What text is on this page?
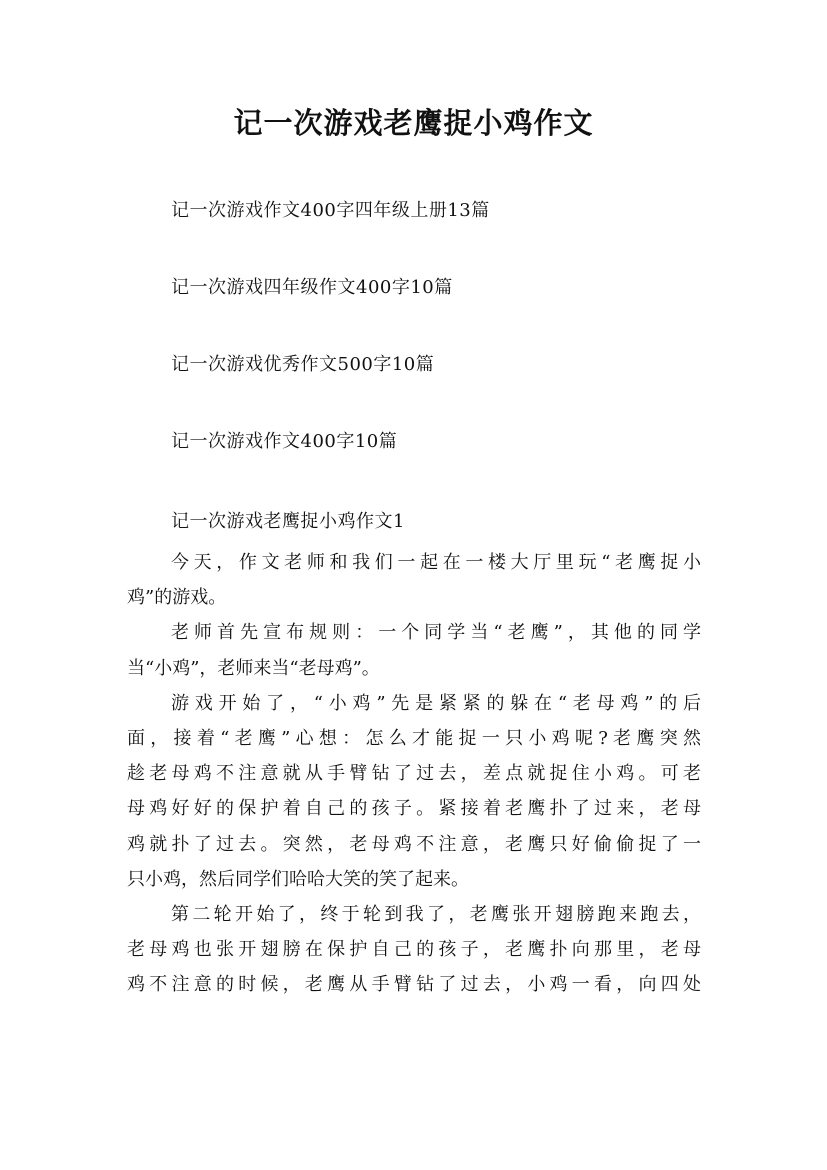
记一次游戏老鹰捉小鸡作文
记一次游戏作文400字四年级上册13篇
记一次游戏四年级作文400字10篇
记一次游戏优秀作文500字10篇
记一次游戏作文400字10篇
记一次游戏老鹰捉小鸡作文1
今天，作文老师和我们一起在一楼大厅里玩“老鹰捉小
鸡”的游戏。
老师首先宣布规则：一个同学当“老鹰”，其他的同学
当“小鸡”，老师来当“老母鸡”。
游戏开始了，“小鸡”先是紧紧的躲在“老母鸡”的后
面，接着“老鹰”心想：怎么才能捉一只小鸡呢?老鹰突然
趁老母鸡不注意就从手臂钻了过去，差点就捉住小鸡。可老
母鸡好好的保护着自己的孩子。紧接着老鹰扑了过来，老母
鸡就扑了过去。突然，老母鸡不注意，老鹰只好偷偷捉了一
只小鸡，然后同学们哈哈大笑的笑了起来。
第二轮开始了，终于轮到我了，老鹰张开翅膀跑来跑去，
老母鸡也张开翅膀在保护自己的孩子，老鹰扑向那里，老母
鸡不注意的时候，老鹰从手臂钻了过去，小鸡一看，向四处
